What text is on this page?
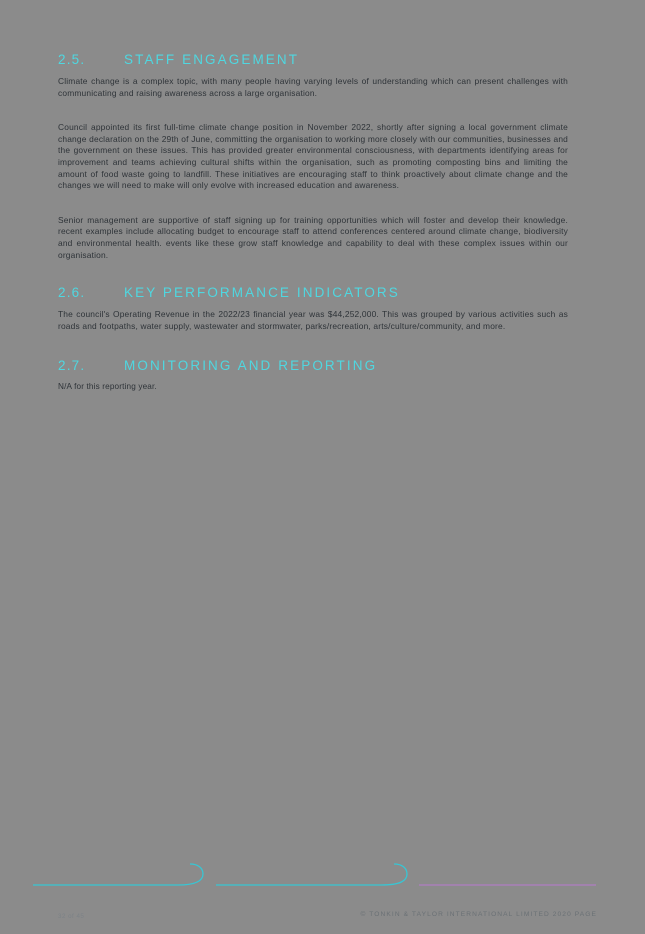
2.5.	STAFF ENGAGEMENT

Climate change is a complex topic, with many people having varying levels of understanding which can present challenges with communicating and raising awareness across a large organisation.

Council appointed its first full-time climate change position in November 2022, shortly after signing a local government climate change declaration on the 29th of June, committing the organisation to working more closely with our communities, businesses and the government on these issues. This has provided greater environmental consciousness, with departments identifying areas for improvement and teams achieving cultural shifts within the organisation, such as promoting composting bins and limiting the amount of food waste going to landfill. These initiatives are encouraging staff to think proactively about climate change and the changes we will need to make will only evolve with increased education and awareness.

Senior management are supportive of staff signing up for training opportunities which will foster and develop their knowledge. recent examples include allocating budget to encourage staff to attend conferences centered around climate change, biodiversity and environmental health. events like these grow staff knowledge and capability to deal with these complex issues within our organisation.

2.6.	KEY PERFORMANCE INDICATORS

The council's Operating Revenue in the 2022/23 financial year was $44,252,000. This was grouped by various activities such as roads and footpaths, water supply, wastewater and stormwater, parks/recreation, arts/culture/community, and more.

2.7.	MONITORING AND REPORTING

N/A for this reporting year.

32 of 45	© TONKIN & TAYLOR INTERNATIONAL LIMITED 2020 PAGE
